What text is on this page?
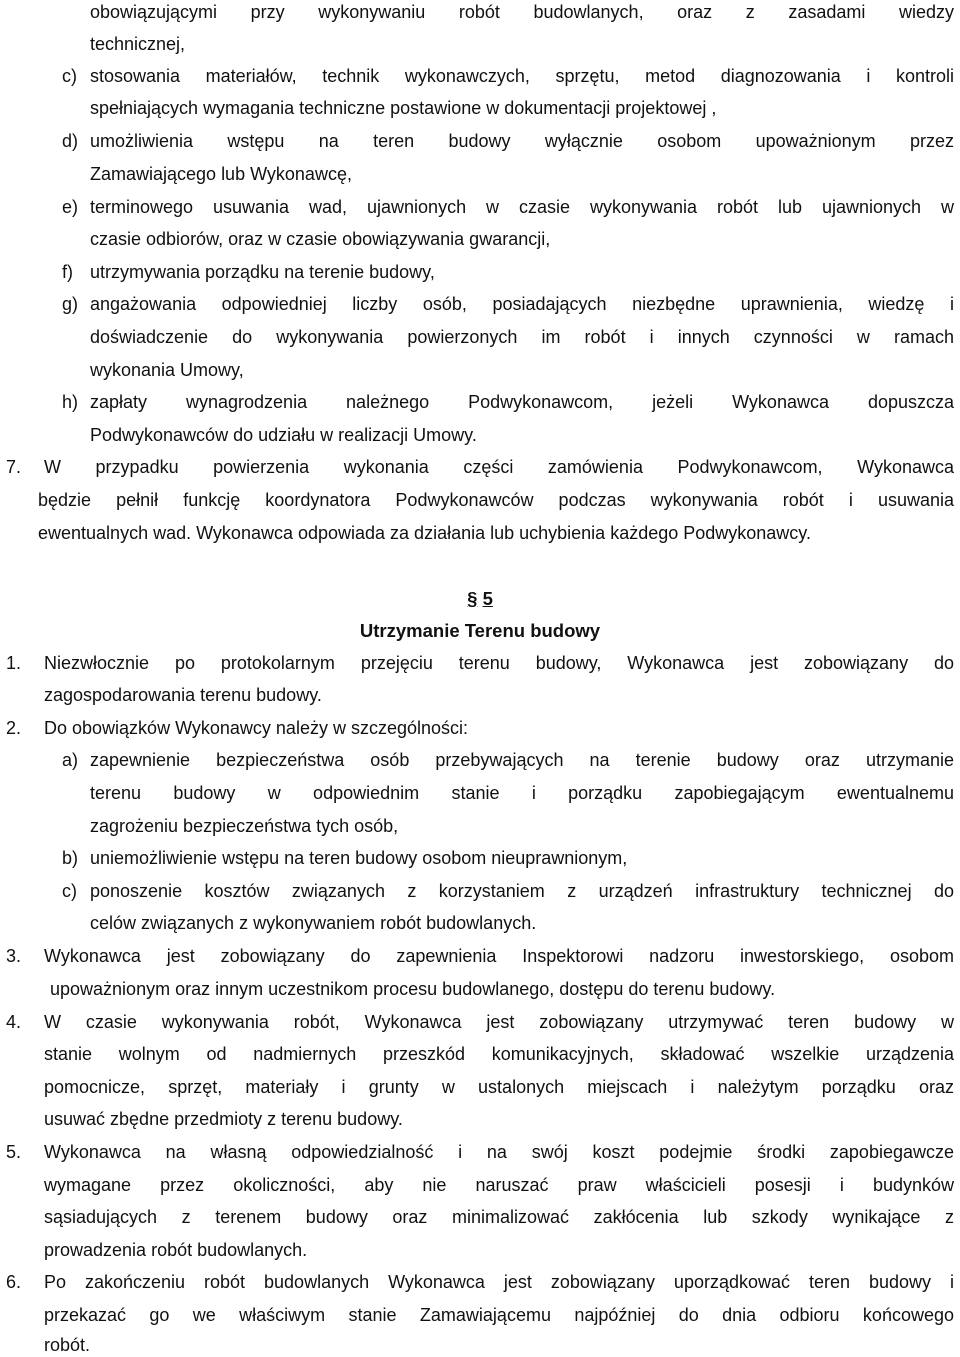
obowiązującymi przy wykonywaniu robót budowlanych, oraz z zasadami wiedzy
technicznej,
c) stosowania materiałów, technik wykonawczych, sprzętu, metod diagnozowania i kontroli
spełniających wymagania techniczne postawione w dokumentacji projektowej ,
d) umożliwienia wstępu na teren budowy wyłącznie osobom upoważnionym przez
Zamawiającego lub Wykonawcę,
e) terminowego usuwania wad, ujawnionych w czasie wykonywania robót lub ujawnionych w
czasie odbiorów, oraz w czasie obowiązywania gwarancji,
f) utrzymywania porządku na terenie budowy,
g) angażowania odpowiedniej liczby osób, posiadających niezbędne uprawnienia, wiedzę i
doświadczenie do wykonywania powierzonych im robót i innych czynności w ramach
wykonania Umowy,
h) zapłaty wynagrodzenia należnego Podwykonawcom, jeżeli Wykonawca dopuszcza
Podwykonawców do udziału w realizacji Umowy.
7. W przypadku powierzenia wykonania części zamówienia Podwykonawcom, Wykonawca
będzie pełnił funkcję koordynatora Podwykonawców podczas wykonywania robót i usuwania
ewentualnych wad. Wykonawca odpowiada za działania lub uchybienia każdego Podwykonawcy.
§ 5
Utrzymanie Terenu budowy
1. Niezwłocznie po protokolarnym przejęciu terenu budowy, Wykonawca jest zobowiązany do
zagospodarowania terenu budowy.
2. Do obowiązków Wykonawcy należy w szczególności:
a) zapewnienie bezpieczeństwa osób przebywających na terenie budowy oraz utrzymanie
terenu budowy w odpowiednim stanie i porządku zapobiegającym ewentualnemu
zagrożeniu bezpieczeństwa tych osób,
b) uniemożliwienie wstępu na teren budowy osobom nieuprawnionym,
c) ponoszenie kosztów związanych z korzystaniem z urządzeń infrastruktury technicznej do
celów związanych z wykonywaniem robót budowlanych.
3. Wykonawca jest zobowiązany do zapewnienia Inspektorowi nadzoru inwestorskiego, osobom
upoważnionym oraz innym uczestnikom procesu budowlanego, dostępu do terenu budowy.
4. W czasie wykonywania robót, Wykonawca jest zobowiązany utrzymywać teren budowy w
stanie wolnym od nadmiernych przeszkód komunikacyjnych, składować wszelkie urządzenia
pomocnicze, sprzęt, materiały i grunty w ustalonych miejscach i należytym porządku oraz
usuwać zbędne przedmioty z terenu budowy.
5. Wykonawca na własną odpowiedzialność i na swój koszt podejmie środki zapobiegawcze
wymagane przez okoliczności, aby nie naruszać praw właścicieli posesji i budynków
sąsiadujących z terenem budowy oraz minimalizować zakłócenia lub szkody wynikające z
prowadzenia robót budowlanych.
6. Po zakończeniu robót budowlanych Wykonawca jest zobowiązany uporządkować teren budowy i
przekazać go we właściwym stanie Zamawiającemu najpóźniej do dnia odbioru końcowego
robót.
